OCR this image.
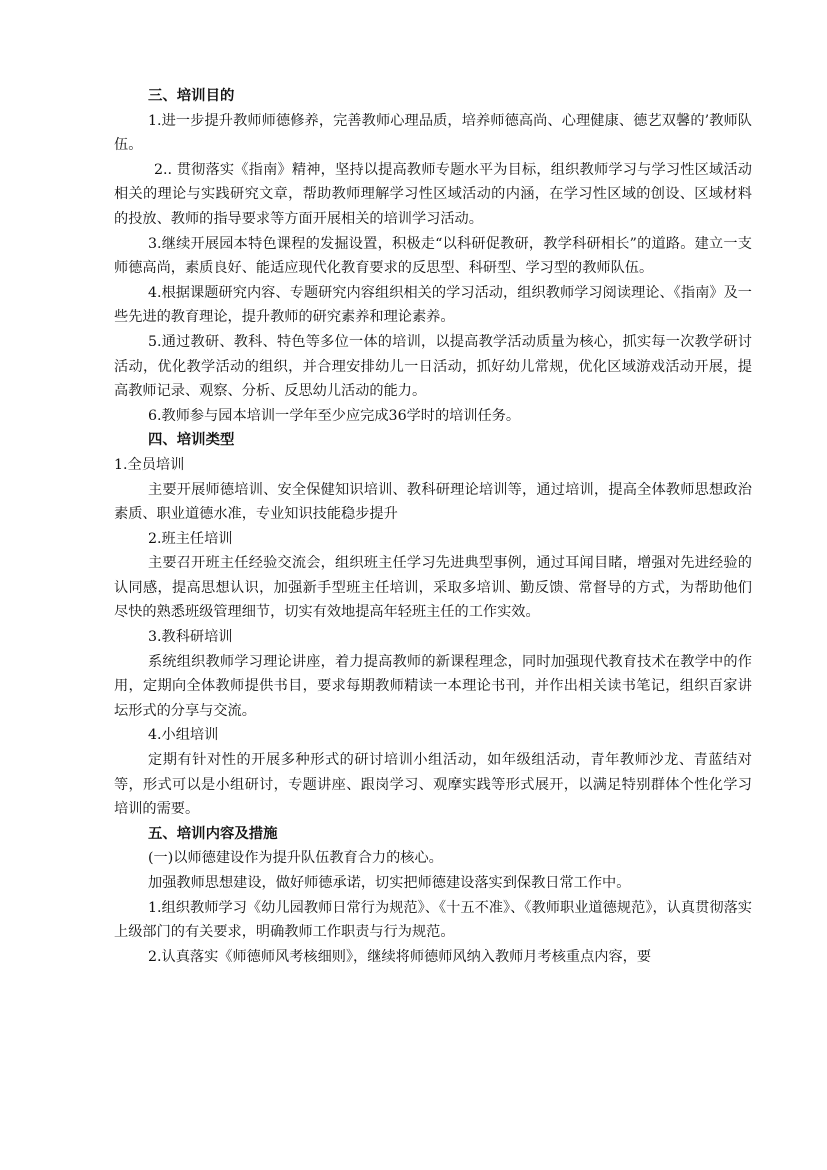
三、培训目的

1.进一步提升教师师德修养，完善教师心理品质，培养师德高尚、心理健康、德艺双馨的’教师队伍。

2.. 贯彻落实《指南》精神，坚持以提高教师专题水平为目标，组织教师学习与学习性区域活动相关的理论与实践研究文章，帮助教师理解学习性区域活动的内涵，在学习性区域的创设、区域材料的投放、教师的指导要求等方面开展相关的培训学习活动。

3.继续开展园本特色课程的发掘设置，积极走“以科研促教研，教学科研相长”的道路。建立一支师德高尚，素质良好、能适应现代化教育要求的反思型、科研型、学习型的教师队伍。

4.根据课题研究内容、专题研究内容组织相关的学习活动，组织教师学习阅读理论、《指南》及一些先进的教育理论，提升教师的研究素养和理论素养。

5.通过教研、教科、特色等多位一体的培训，以提高教学活动质量为核心，抓实每一次教学研讨活动，优化教学活动的组织，并合理安排幼儿一日活动，抓好幼儿常规，优化区域游戏活动开展，提高教师记录、观察、分析、反思幼儿活动的能力。

6.教师参与园本培训一学年至少应完成36学时的培训任务。

四、培训类型

1.全员培训

主要开展师德培训、安全保健知识培训、教科研理论培训等，通过培训，提高全体教师思想政治素质、职业道德水准，专业知识技能稳步提升

2.班主任培训

主要召开班主任经验交流会，组织班主任学习先进典型事例，通过耳闻目睹，增强对先进经验的认同感，提高思想认识，加强新手型班主任培训，采取多培训、勤反馈、常督导的方式，为帮助他们尽快的熟悉班级管理细节，切实有效地提高年轻班主任的工作实效。

3.教科研培训

系统组织教师学习理论讲座，着力提高教师的新课程理念，同时加强现代教育技术在教学中的作用，定期向全体教师提供书目，要求每期教师精读一本理论书刊，并作出相关读书笔记，组织百家讲坛形式的分享与交流。

4.小组培训

定期有针对性的开展多种形式的研讨培训小组活动，如年级组活动，青年教师沙龙、青蓝结对等，形式可以是小组研讨，专题讲座、跟岗学习、观摩实践等形式展开，以满足特别群体个性化学习培训的需要。

五、培训内容及措施

(一)以师德建设作为提升队伍教育合力的核心。

加强教师思想建设，做好师德承诺，切实把师德建设落实到保教日常工作中。

1.组织教师学习《幼儿园教师日常行为规范》、《十五不准》、《教师职业道德规范》，认真贯彻落实上级部门的有关要求，明确教师工作职责与行为规范。

2.认真落实《师德师风考核细则》，继续将师德师风纳入教师月考核重点内容，要
